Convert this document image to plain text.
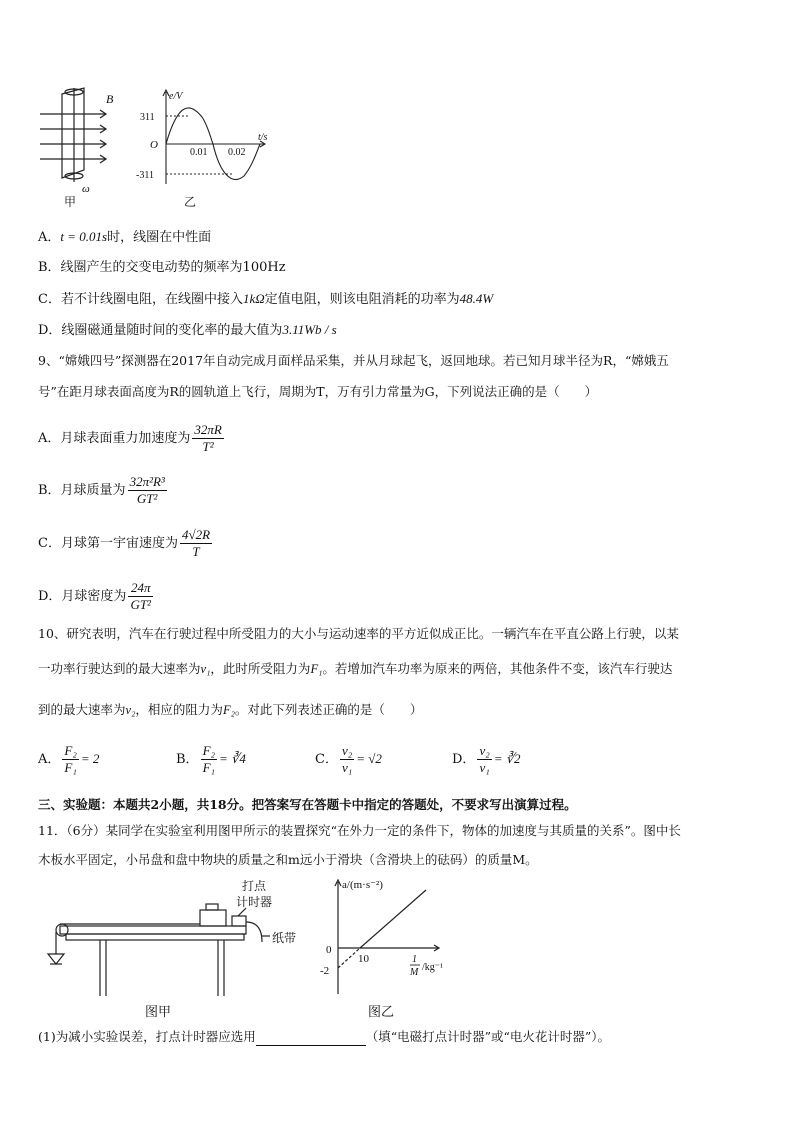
B
ω
甲
e/V
t/s
O
311
-311
0.01 0.02
乙
A．t = 0.01s时，线圈在中性面
B．线圈产生的交变电动势的频率为100Hz
C．若不计线圈电阻，在线圈中接入1kΩ定值电阻，则该电阻消耗的功率为48.4W
D．线圈磁通量随时间的变化率的最大值为3.11Wb / s
9、“嫦娥四号”探测器在2017年自动完成月面样品采集，并从月球起飞，返回地球。若已知月球半径为R，“嫦娥五
号”在距月球表面高度为R的圆轨道上飞行，周期为T，万有引力常量为G，下列说法正确的是（　　）
A．月球表面重力加速度为 $\frac{32\pi R}{\text{T²}}$
B．月球质量为 $\frac{\text{32π²R³}}{\text{GT²}}$
C．月球第一宇宙速度为 $\frac{4√2R}{T}$
D．月球密度为 $\frac{24\pi}{\text{GT²}}$
10、研究表明，汽车在行驶过程中所受阻力的大小与运动速率的平方近似成正比。一辆汽车在平直公路上行驶，以某
一功率行驶达到的最大速率为v₁，此时所受阻力为F₁。若增加汽车功率为原来的两倍，其他条件不变，该汽车行驶达
到的最大速率为v₂，相应的阻力为F₂。对此下列表述正确的是（　　）
A． $\frac{\text{F₂}}{\text{F₁}} = 2$	B． $\frac{\text{F₂}}{\text{F₁}}$ = ∛4	C． $\frac{\text{v₂}}{\text{v₁}} = √2$	D． $\frac{\text{v₂}}{\text{v₁}}$ = ∛2
三、实验题：本题共2小题，共18分。把答案写在答题卡中指定的答题处，不要求写出演算过程。
11．（6分）某同学在实验室利用图甲所示的装置探究“在外力一定的条件下，物体的加速度与其质量的关系”。图中长
木板水平固定，小吊盘和盘中物块的质量之和m远小于滑块（含滑块上的砝码）的质量M。
打点
计时器
纸带
图甲
a/(m·s⁻²)
0
10
-2
1
M /kg⁻¹
图乙
(1)为减小实验误差，打点计时器应选用	（填“电磁打点计时器”或“电火花计时器”）。
